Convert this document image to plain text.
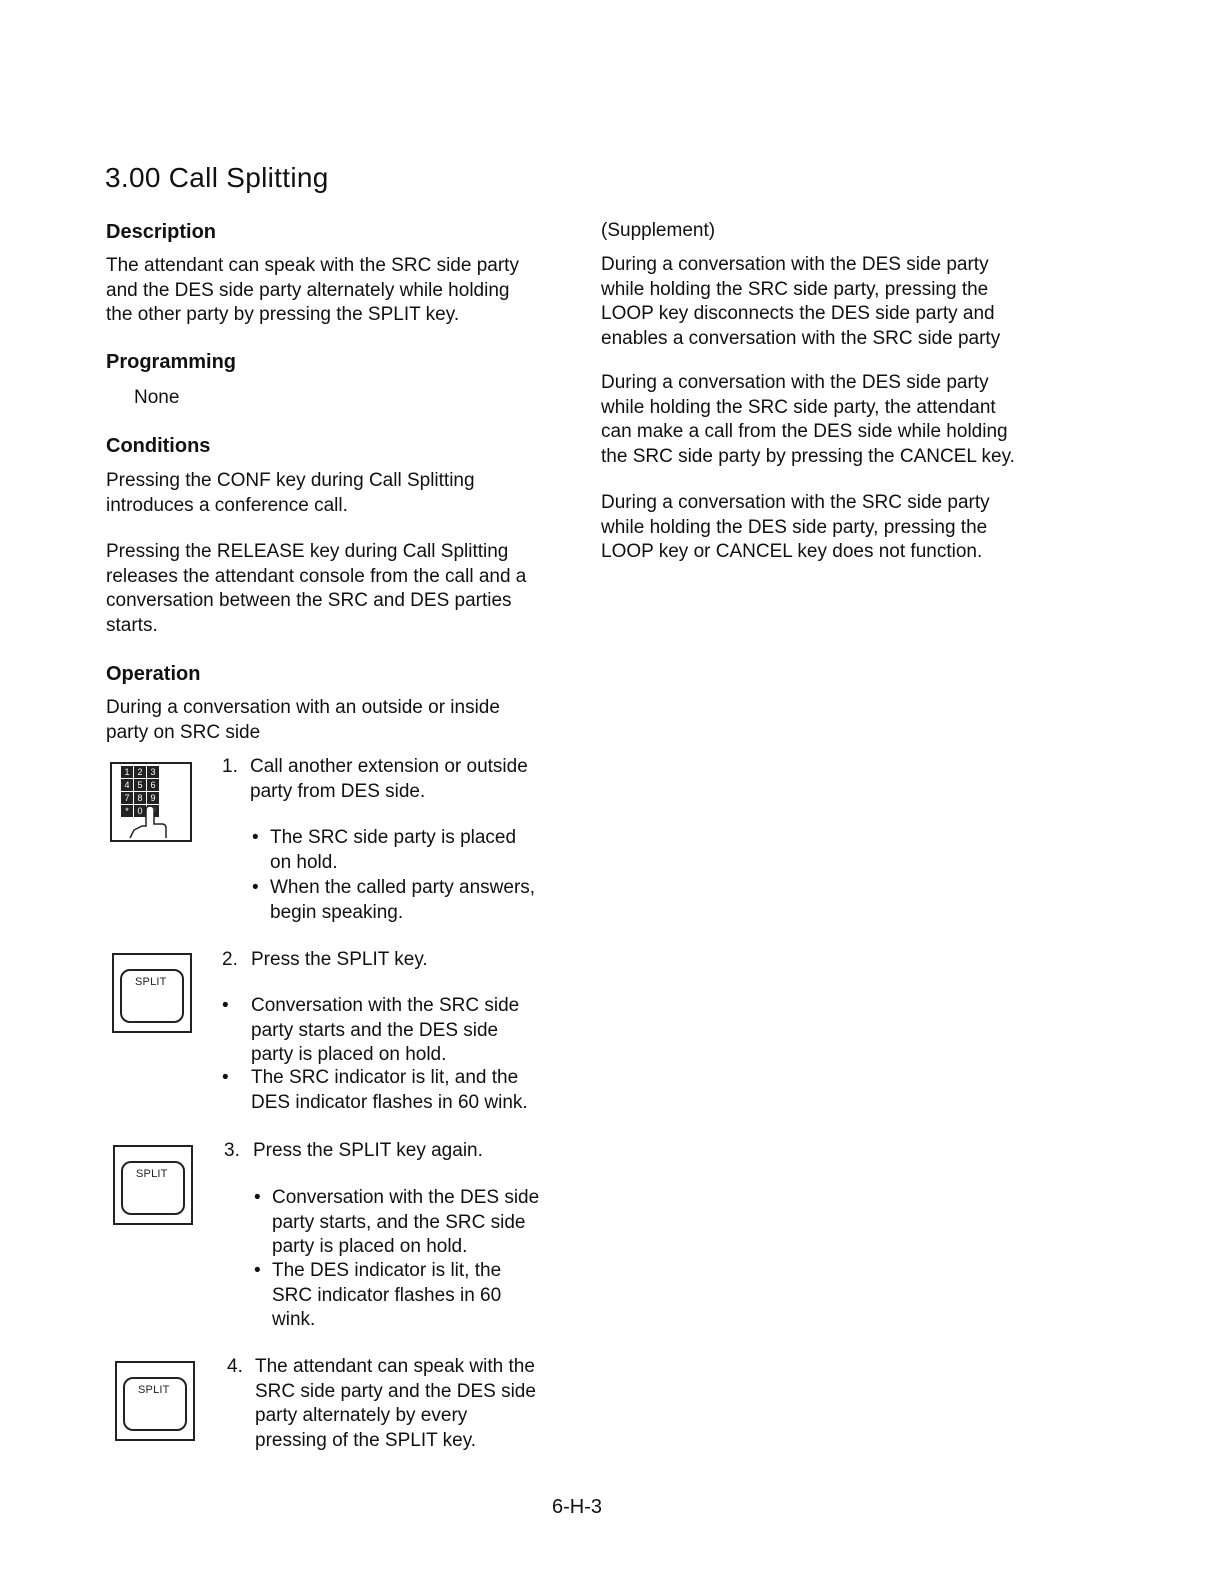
3.00 Call Splitting
Description
The attendant can speak with the SRC side party
and the DES side party alternately while holding
the other party by pressing the SPLIT key.
Programming
None
Conditions
Pressing the CONF key during Call Splitting
introduces a conference call.
Pressing the RELEASE key during Call Splitting
releases the attendant console from the call and a
conversation between the SRC and DES parties
starts.
Operation
During a conversation with an outside or inside
party on SRC side
1 2 3
4 5 6
7 8 9
* 0
1. Call another extension or outside
party from DES side.
• The SRC side party is placed
on hold.
• When the called party answers,
begin speaking.
SPLIT
2. Press the SPLIT key.
• Conversation with the SRC side
party starts and the DES side
party is placed on hold.
• The SRC indicator is lit, and the
DES indicator flashes in 60 wink.
SPLIT
3. Press the SPLIT key again.
• Conversation with the DES side
party starts, and the SRC side
party is placed on hold.
• The DES indicator is lit, the
SRC indicator flashes in 60
wink.
SPLIT
4. The attendant can speak with the
SRC side party and the DES side
party alternately by every
pressing of the SPLIT key.
(Supplement)
During a conversation with the DES side party
while holding the SRC side party, pressing the
LOOP key disconnects the DES side party and
enables a conversation with the SRC side party
During a conversation with the DES side party
while holding the SRC side party, the attendant
can make a call from the DES side while holding
the SRC side party by pressing the CANCEL key.
During a conversation with the SRC side party
while holding the DES side party, pressing the
LOOP key or CANCEL key does not function.
6-H-3
